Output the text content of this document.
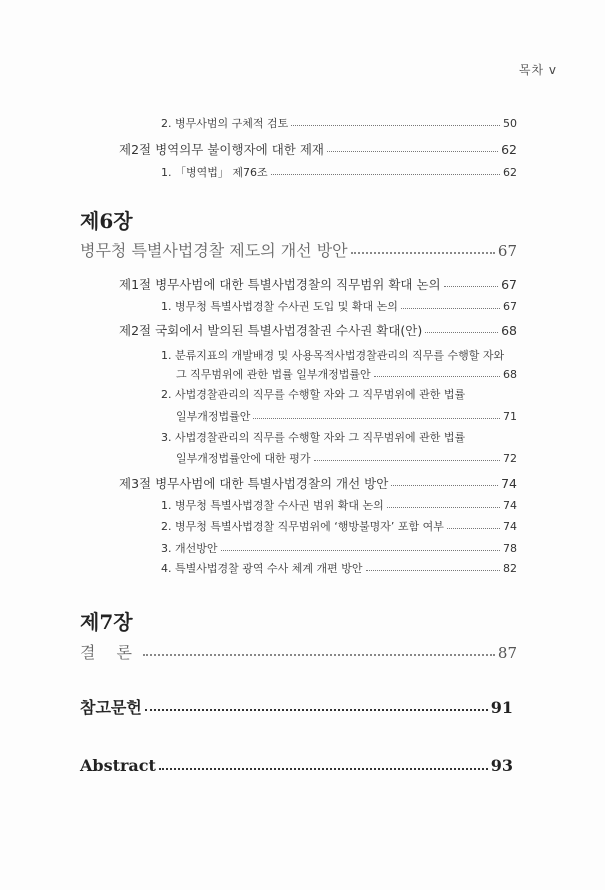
목차 v
2. 병무사범의 구체적 검토	50
제2절 병역의무 불이행자에 대한 제재	62
1. 「병역법」 제76조	62
제6장
병무청 특별사법경찰 제도의 개선 방안	67
제1절 병무사범에 대한 특별사법경찰의 직무범위 확대 논의	67
1. 병무청 특별사법경찰 수사권 도입 및 확대 논의	67
제2절 국회에서 발의된 특별사법경찰권 수사권 확대(안)	68
1. 분류지표의 개발배경 및 사용목적사법경찰관리의 직무를 수행할 자와
그 직무범위에 관한 법률 일부개정법률안	68
2. 사법경찰관리의 직무를 수행할 자와 그 직무범위에 관한 법률
일부개정법률안	71
3. 사법경찰관리의 직무를 수행할 자와 그 직무범위에 관한 법률
일부개정법률안에 대한 평가	72
제3절 병무사범에 대한 특별사법경찰의 개선 방안	74
1. 병무청 특별사법경찰 수사권 범위 확대 논의	74
2. 병무청 특별사법경찰 직무범위에 ‘행방불명자’ 포함 여부	74
3. 개선방안	78
4. 특별사법경찰 광역 수사 체계 개편 방안	82
제7장
결 론	87
참고문헌	91
Abstract	93
